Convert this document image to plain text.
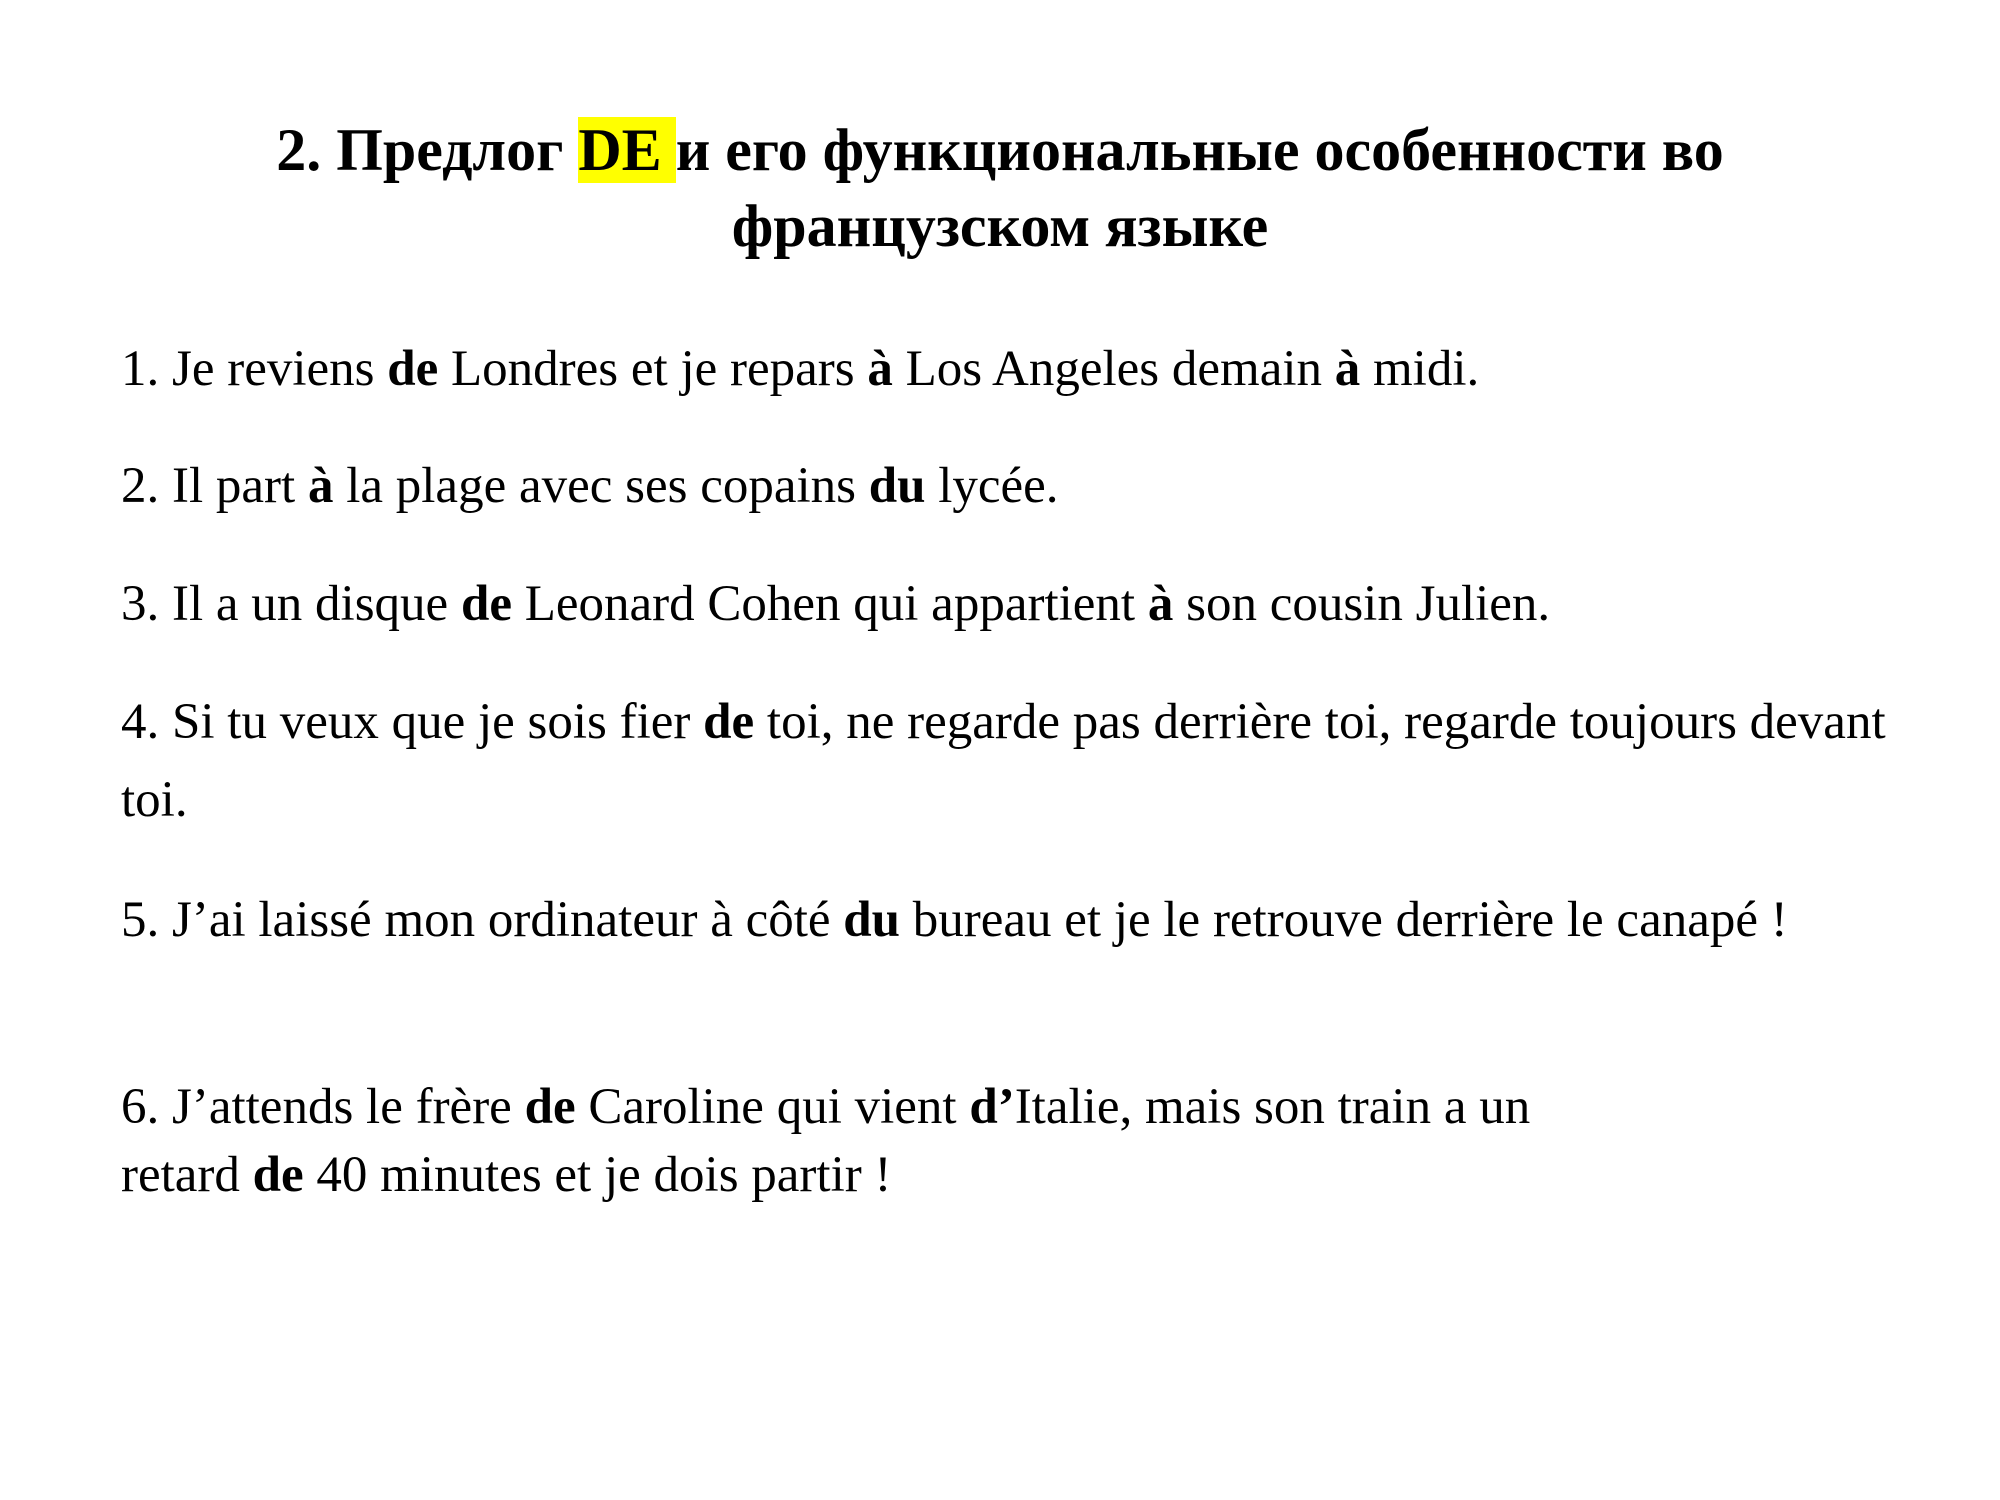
2. Предлог DE и его функциональные особенности во
французском языке

1. Je reviens de Londres et je repars à Los Angeles demain à midi.

2. Il part à la plage avec ses copains du lycée.

3. Il a un disque de Leonard Cohen qui appartient à son cousin Julien.

4. Si tu veux que je sois fier de toi, ne regarde pas derrière toi, regarde toujours devant toi.

5. J’ai laissé mon ordinateur à côté du bureau et je le retrouve derrière le canapé !

6. J’attends le frère de Caroline qui vient d’Italie, mais son train a un
retard de 40 minutes et je dois partir !
